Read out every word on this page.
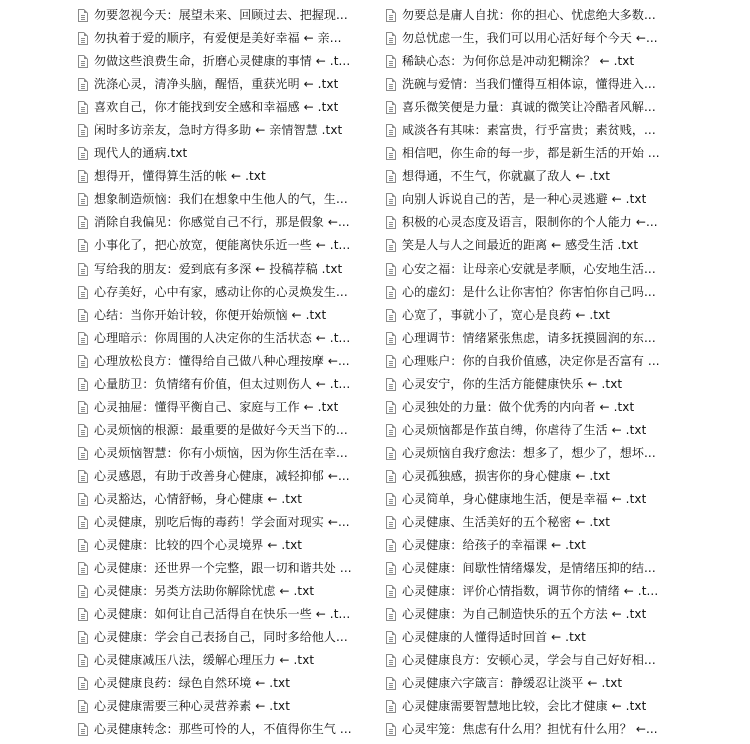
勿要忽视今天：展望未来、回顾过去、把握现...
勿执着于爱的顺序，有爱便是美好幸福 ← 亲...
勿做这些浪费生命，折磨心灵健康的事情 ← .t...
洗涤心灵，清净头脑，醒悟，重获光明 ← .txt
喜欢自己，你才能找到安全感和幸福感 ← .txt
闲时多访亲友，急时方得多助 ← 亲情智慧 .txt
现代人的通病.txt
想得开，懂得算生活的帐 ← .txt
想象制造烦恼：我们在想象中生他人的气，生...
消除自我偏见：你感觉自己不行，那是假象 ←...
小事化了，把心放宽，便能离快乐近一些 ← .t...
写给我的朋友：爱到底有多深 ← 投稿荐稿 .txt
心存美好，心中有家，感动让你的心灵焕发生...
心结：当你开始计较，你便开始烦恼 ← .txt
心理暗示：你周围的人决定你的生活状态 ← .t...
心理放松良方：懂得给自己做八种心理按摩 ←...
心量肪卫：负情绪有价值，但太过则伤人 ← .t...
心灵抽屉：懂得平衡自己、家庭与工作 ← .txt
心灵烦恼的根源：最重要的是做好今天当下的...
心灵烦恼智慧：你有小烦恼，因为你生活在幸...
心灵感恩，有助于改善身心健康，减轻抑郁 ←...
心灵豁达，心情舒畅，身心健康 ← .txt
心灵健康，别吃后悔的毒药！学会面对现实 ←...
心灵健康：比较的四个心灵境界 ← .txt
心灵健康：还世界一个完整，跟一切和谐共处 ...
心灵健康：另类方法助你解除忧虑 ← .txt
心灵健康：如何让自己活得自在快乐一些 ← .t...
心灵健康：学会自己表扬自己，同时多给他人...
心灵健康减压八法，缓解心理压力 ← .txt
心灵健康良药：绿色自然环境 ← .txt
心灵健康需要三种心灵营养素 ← .txt
心灵健康转念：那些可怜的人，不值得你生气 ...
勿要总是庸人自扰：你的担心、忧虑绝大多数...
勿总忧虑一生，我们可以用心活好每个今天 ←...
稀缺心态：为何你总是冲动犯糊涂？ ← .txt
洗碗与爱情：当我们懂得互相体谅，懂得进入...
喜乐微笑便是力量：真诚的微笑让冷酷者风解...
咸淡各有其味：素富贵，行乎富贵；素贫贱，...
相信吧，你生命的每一步，都是新生活的开始 ...
想得通，不生气，你就赢了敌人 ← .txt
向别人诉说自己的苦，是一种心灵逃避 ← .txt
积极的心灵态度及语言，限制你的个人能力 ←...
笑是人与人之间最近的距离 ← 感受生活 .txt
心安之福：让母亲心安就是孝顺，心安地生活...
心的虚幻：是什么让你害怕？你害怕你自己吗...
心宽了，事就小了，宽心是良药 ← .txt
心理调节：情绪紧张焦虑，请多抚摸圆润的东...
心理账户：你的自我价值感，决定你是否富有 ...
心灵安宁，你的生活方能健康快乐 ← .txt
心灵独处的力量：做个优秀的内向者 ← .txt
心灵烦恼都是作茧自缚，你虐待了生活 ← .txt
心灵烦恼自我疗愈法：想多了，想少了，想坏...
心灵孤独感，损害你的身心健康 ← .txt
心灵简单，身心健康地生活，便是幸福 ← .txt
心灵健康、生活美好的五个秘密 ← .txt
心灵健康：给孩子的幸福课 ← .txt
心灵健康：间歇性情绪爆发，是情绪压抑的结...
心灵健康：评价心情指数，调节你的情绪 ← .t...
心灵健康：为自己制造快乐的五个方法 ← .txt
心灵健康的人懂得适时回首 ← .txt
心灵健康良方：安顿心灵，学会与自己好好相...
心灵健康六字箴言：静缓忍让淡平 ← .txt
心灵健康需要智慧地比较，会比才健康 ← .txt
心灵牢笼：焦虑有什么用？担忧有什么用？ ←...
